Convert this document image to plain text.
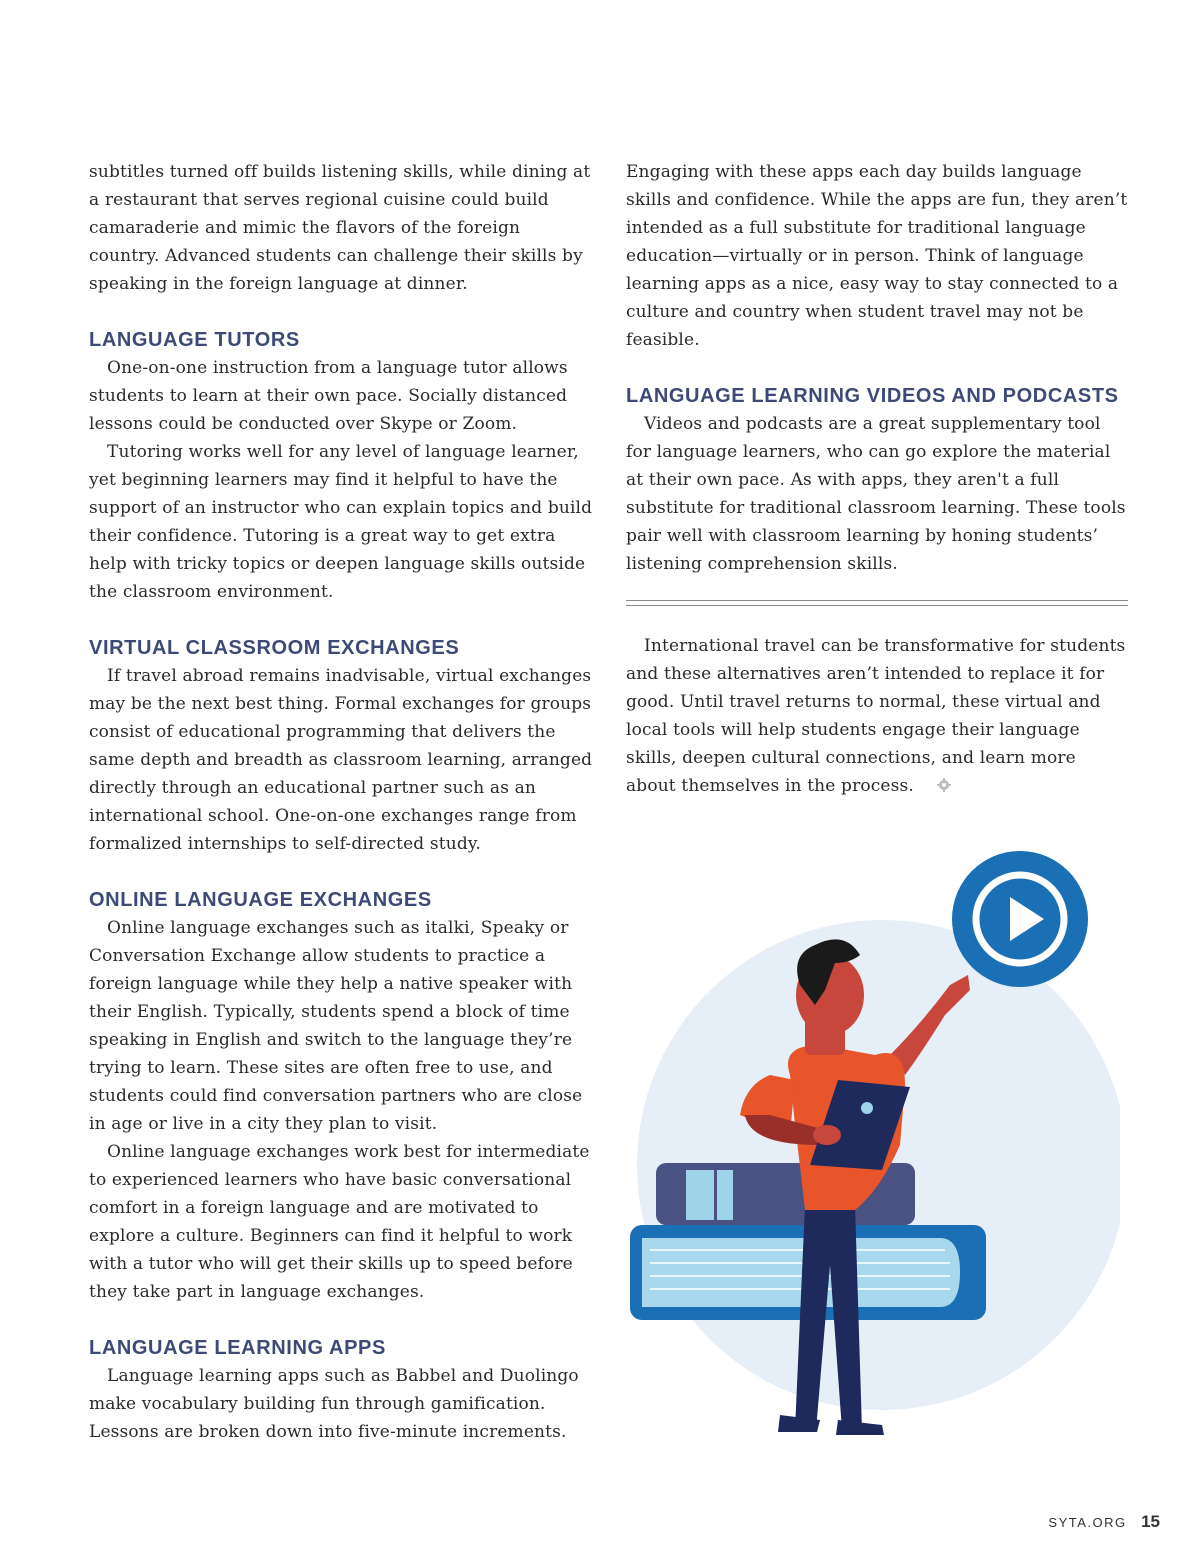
subtitles turned off builds listening skills, while dining at a restaurant that serves regional cuisine could build camaraderie and mimic the flavors of the foreign country. Advanced students can challenge their skills by speaking in the foreign language at dinner.

LANGUAGE TUTORS

One-on-one instruction from a language tutor allows students to learn at their own pace. Socially distanced lessons could be conducted over Skype or Zoom.

Tutoring works well for any level of language learner, yet beginning learners may find it helpful to have the support of an instructor who can explain topics and build their confidence. Tutoring is a great way to get extra help with tricky topics or deepen language skills outside the classroom environment.

VIRTUAL CLASSROOM EXCHANGES

If travel abroad remains inadvisable, virtual exchanges may be the next best thing. Formal exchanges for groups consist of educational programming that delivers the same depth and breadth as classroom learning, arranged directly through an educational partner such as an international school. One-on-one exchanges range from formalized internships to self-directed study.

ONLINE LANGUAGE EXCHANGES

Online language exchanges such as italki, Speaky or Conversation Exchange allow students to practice a foreign language while they help a native speaker with their English. Typically, students spend a block of time speaking in English and switch to the language they’re trying to learn. These sites are often free to use, and students could find conversation partners who are close in age or live in a city they plan to visit.

Online language exchanges work best for intermediate to experienced learners who have basic conversational comfort in a foreign language and are motivated to explore a culture. Beginners can find it helpful to work with a tutor who will get their skills up to speed before they take part in language exchanges.

LANGUAGE LEARNING APPS

Language learning apps such as Babbel and Duolingo make vocabulary building fun through gamification. Lessons are broken down into five-minute increments.

Engaging with these apps each day builds language skills and confidence. While the apps are fun, they aren’t intended as a full substitute for traditional language education—virtually or in person. Think of language learning apps as a nice, easy way to stay connected to a culture and country when student travel may not be feasible.

LANGUAGE LEARNING VIDEOS AND PODCASTS

Videos and podcasts are a great supplementary tool for language learners, who can go explore the material at their own pace. As with apps, they aren't a full substitute for traditional classroom learning. These tools pair well with classroom learning by honing students’ listening comprehension skills.

International travel can be transformative for students and these alternatives aren’t intended to replace it for good. Until travel returns to normal, these virtual and local tools will help students engage their language skills, deepen cultural connections, and learn more about themselves in the process.

SYTA.ORG 15
